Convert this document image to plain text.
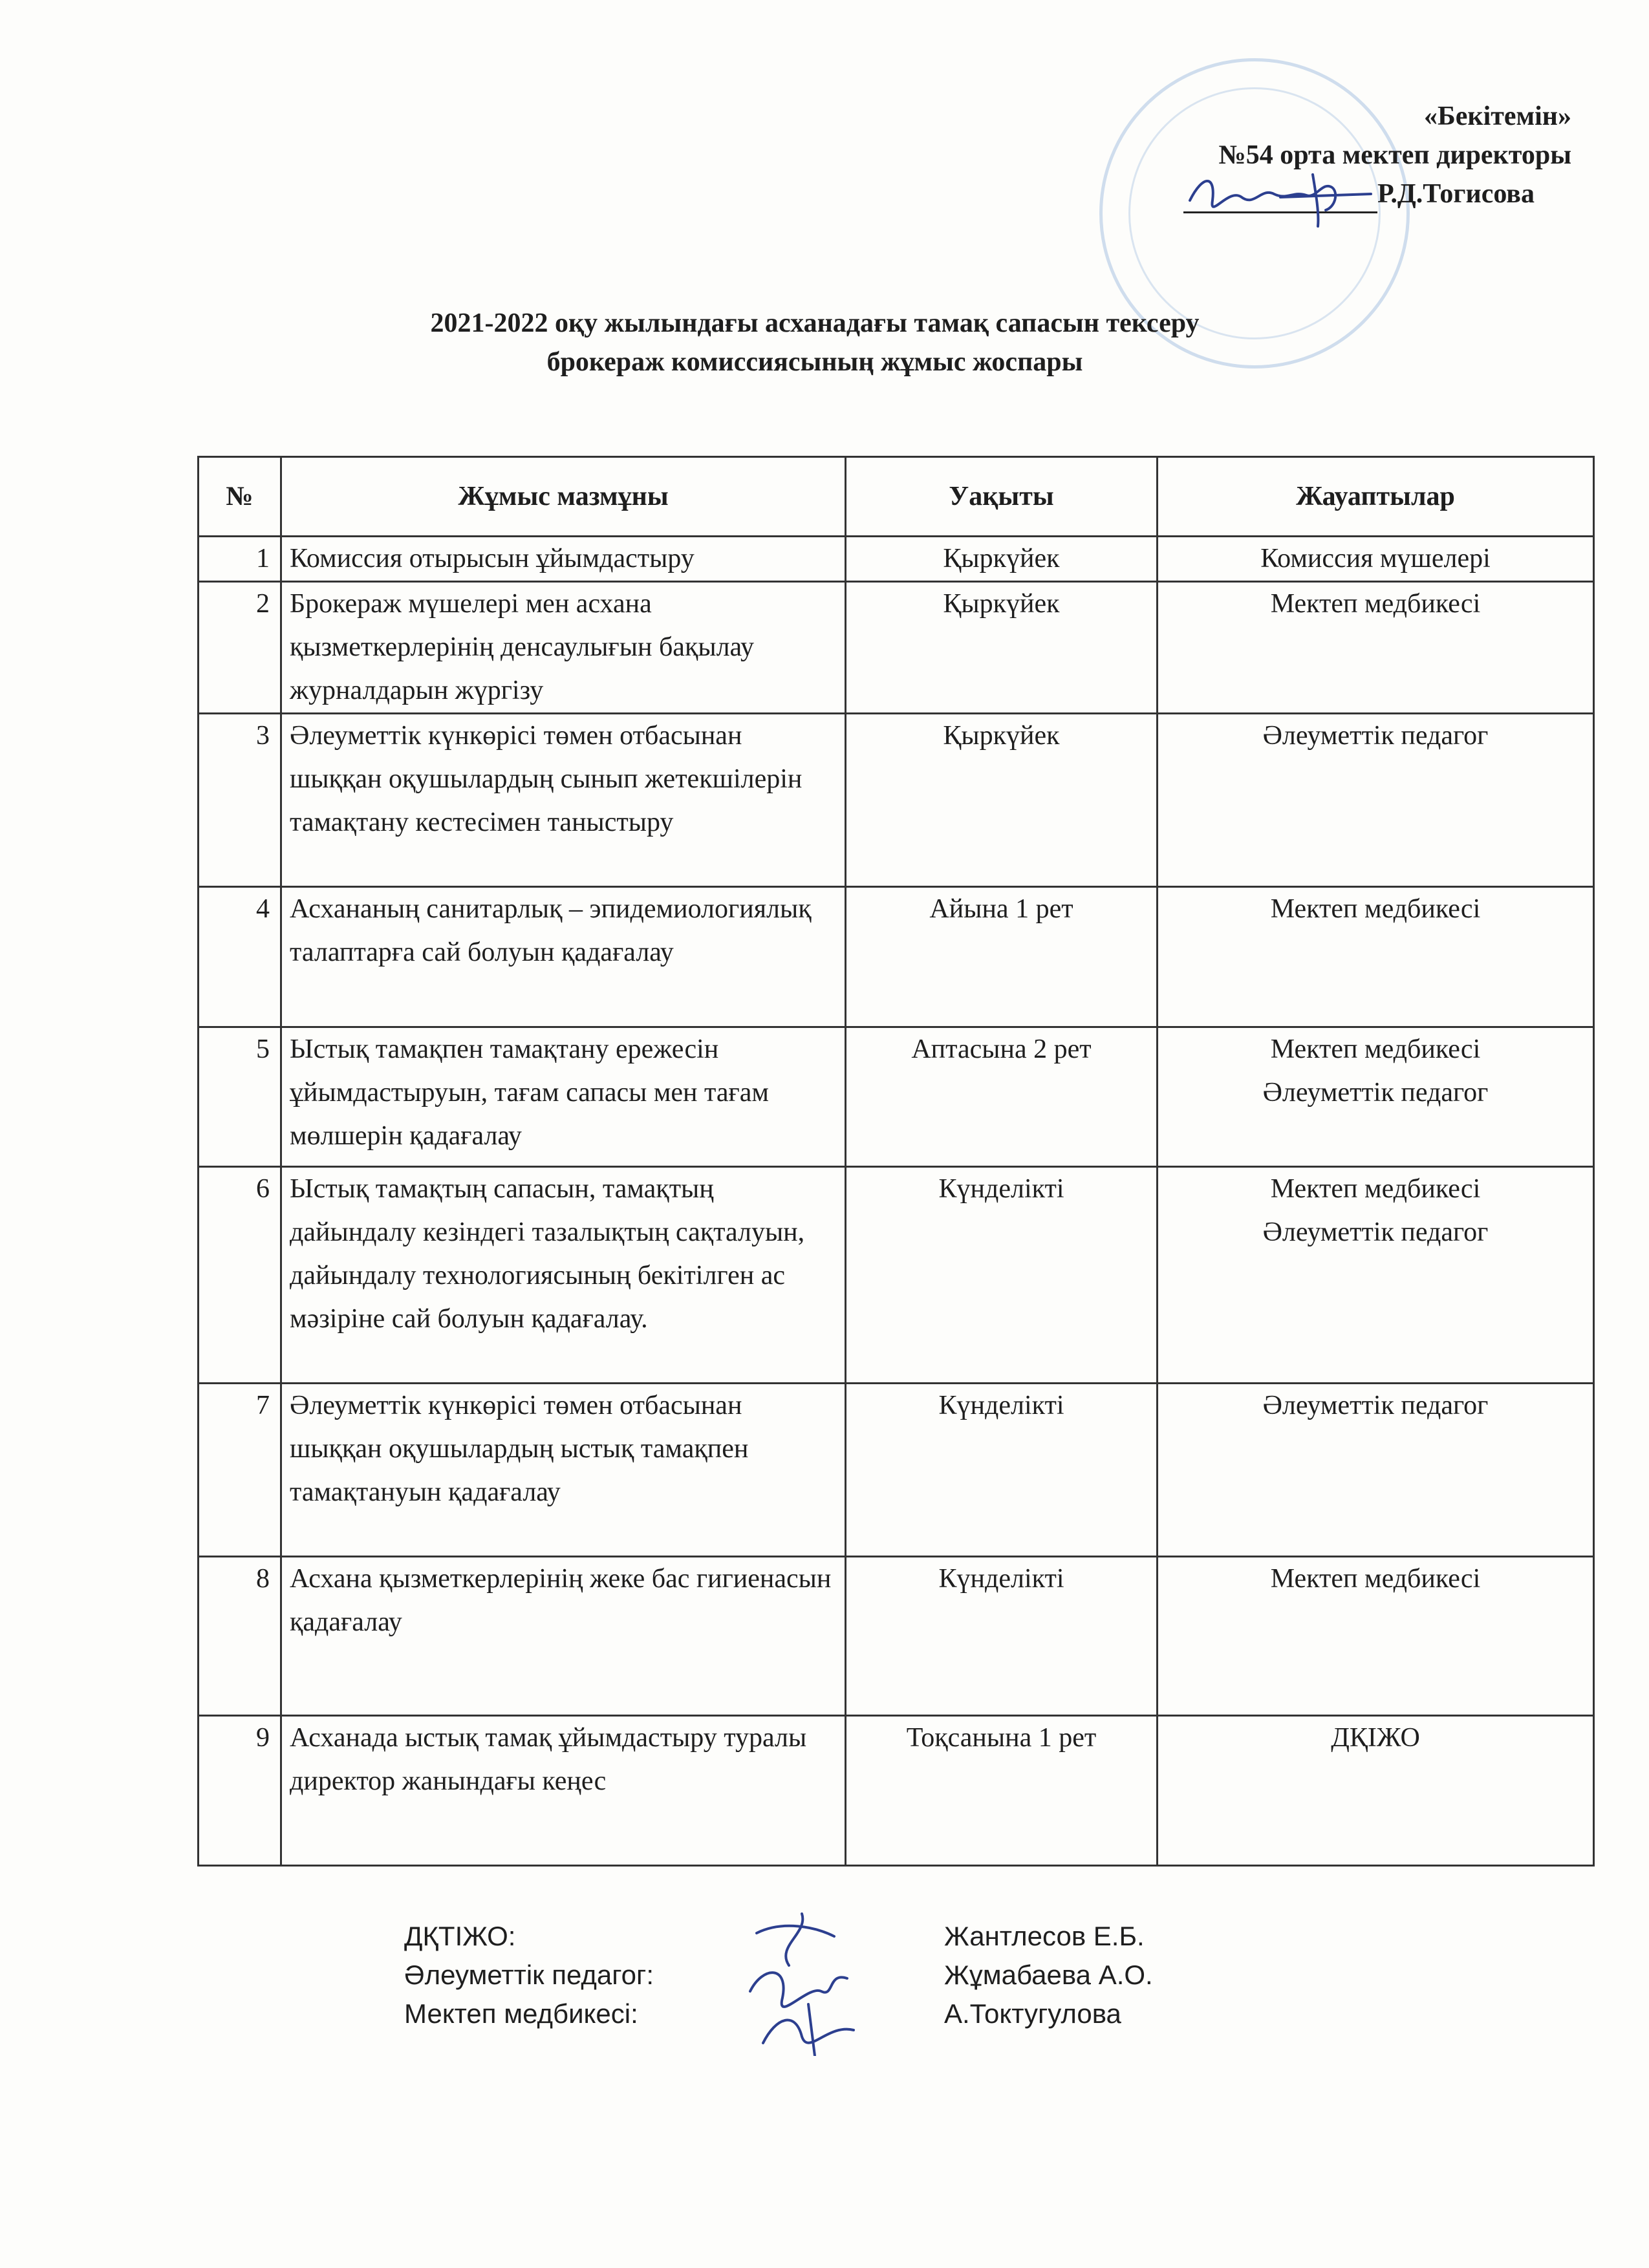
«Бекітемін»
№54 орта мектеп директоры
Р.Д.Тогисова
2021-2022 оқу жылындағы асханадағы тамақ сапасын тексеру
брокераж комиссиясының жұмыс жоспары
№	Жұмыс мазмұны	Уақыты	Жауаптылар
1	Комиссия отырысын ұйымдастыру	Қыркүйек	Комиссия мүшелері

2	Брокераж мүшелері мен асхана қызметкерлерінің денсаулығын бақылау журналдарын жүргізу	Қыркүйек	Мектеп медбикесі

3	Әлеуметтік күнкөрісі төмен отбасынан шыққан оқушылардың сынып жетекшілерін тамақтану кестесімен таныстыру	Қыркүйек	Әлеуметтік педагог

4	Асхананың санитарлық – эпидемиологиялық талаптарға сай болуын қадағалау	Айына 1 рет	Мектеп медбикесі

5	Ыстық тамақпен тамақтану ережесін ұйымдастыруын, тағам сапасы мен тағам мөлшерін қадағалау	Аптасына 2 рет	Мектеп медбикесі
Әлеуметтік педагог

6	Ыстық тамақтың сапасын, тамақтың дайындалу кезіндегі тазалықтың сақталуын, дайындалу технологиясының бекітілген ас мәзіріне сай болуын қадағалау.	Күнделікті	Мектеп медбикесі
Әлеуметтік педагог

7	Әлеуметтік күнкөрісі төмен отбасынан шыққан оқушылардың ыстық тамақпен тамақтануын қадағалау	Күнделікті	Әлеуметтік педагог

8	Асхана қызметкерлерінің жеке бас гигиенасын қадағалау	Күнделікті	Мектеп медбикесі

9	Асханада ыстық тамақ ұйымдастыру туралы директор жанындағы кеңес	Тоқсанына 1 рет	ДҚІЖО
ДҚТІЖО:	Жантлесов Е.Б.
Әлеуметтік педагог:	Жұмабаева А.О.
Мектеп медбикесі:	А.Токтугулова
